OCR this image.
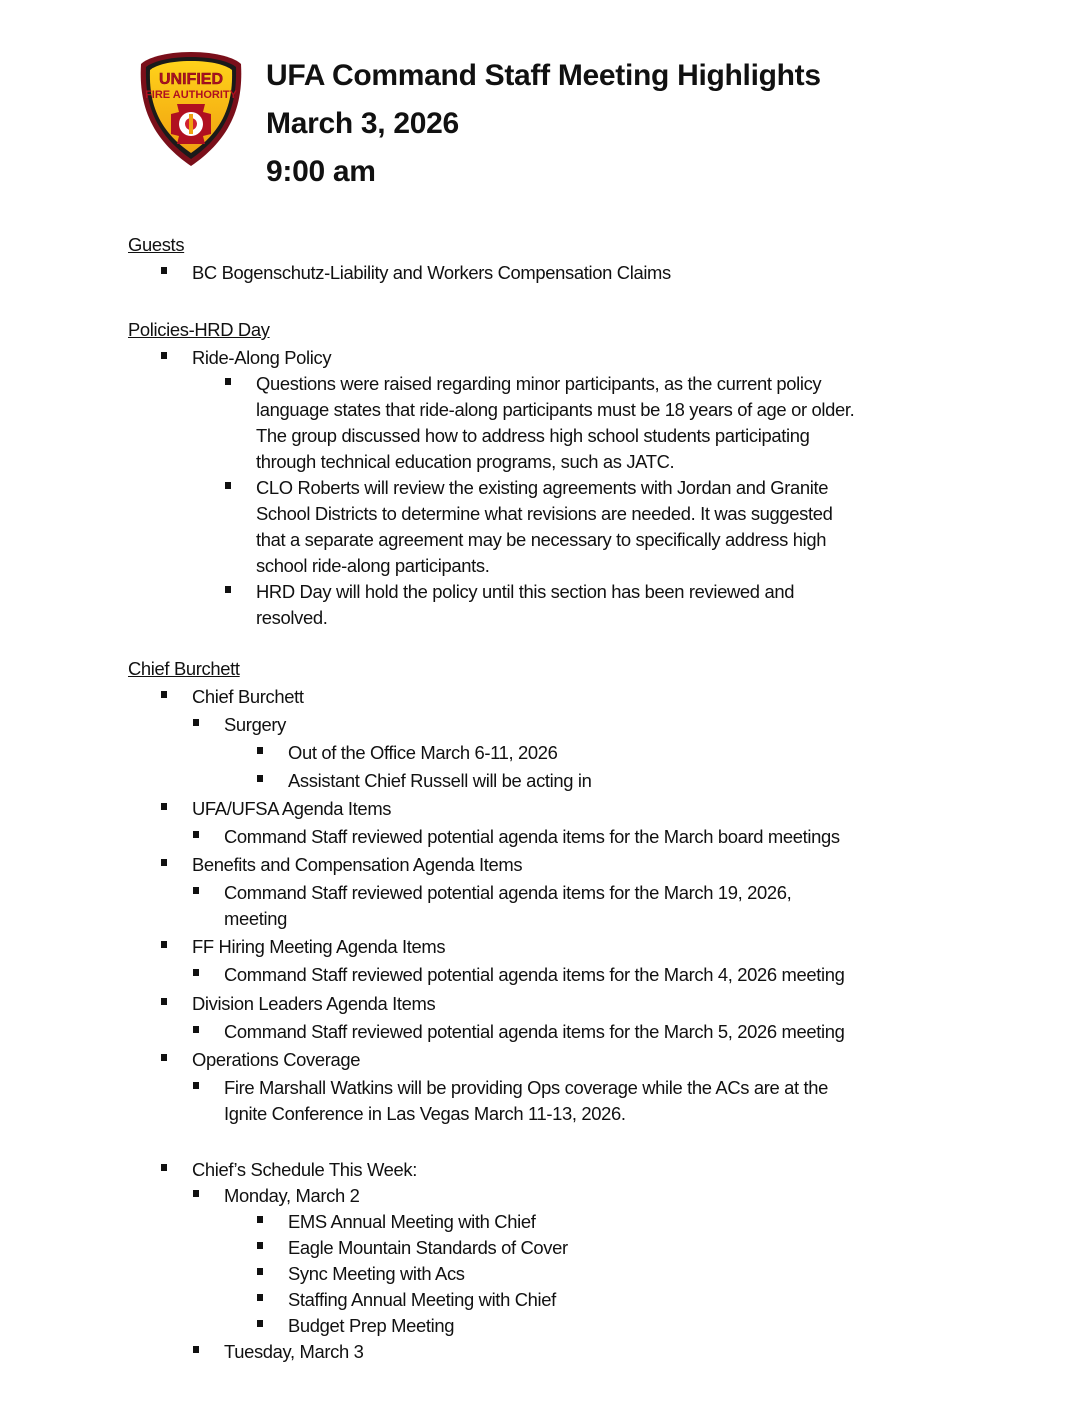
UNIFIED
FIRE AUTHORITY
UFA Command Staff Meeting Highlights
March 3, 2026
9:00 am
Guests
BC Bogenschutz-Liability and Workers Compensation Claims
Policies-HRD Day
Ride-Along Policy
Questions were raised regarding minor participants, as the current policy
language states that ride-along participants must be 18 years of age or older.
The group discussed how to address high school students participating
through technical education programs, such as JATC.
CLO Roberts will review the existing agreements with Jordan and Granite
School Districts to determine what revisions are needed. It was suggested
that a separate agreement may be necessary to specifically address high
school ride-along participants.
HRD Day will hold the policy until this section has been reviewed and
resolved.
Chief Burchett
Chief Burchett
Surgery
Out of the Office March 6-11, 2026
Assistant Chief Russell will be acting in
UFA/UFSA Agenda Items
Command Staff reviewed potential agenda items for the March board meetings
Benefits and Compensation Agenda Items
Command Staff reviewed potential agenda items for the March 19, 2026,
meeting
FF Hiring Meeting Agenda Items
Command Staff reviewed potential agenda items for the March 4, 2026 meeting
Division Leaders Agenda Items
Command Staff reviewed potential agenda items for the March 5, 2026 meeting
Operations Coverage
Fire Marshall Watkins will be providing Ops coverage while the ACs are at the
Ignite Conference in Las Vegas March 11-13, 2026.
Chief’s Schedule This Week:
Monday, March 2
EMS Annual Meeting with Chief
Eagle Mountain Standards of Cover
Sync Meeting with Acs
Staffing Annual Meeting with Chief
Budget Prep Meeting
Tuesday, March 3
